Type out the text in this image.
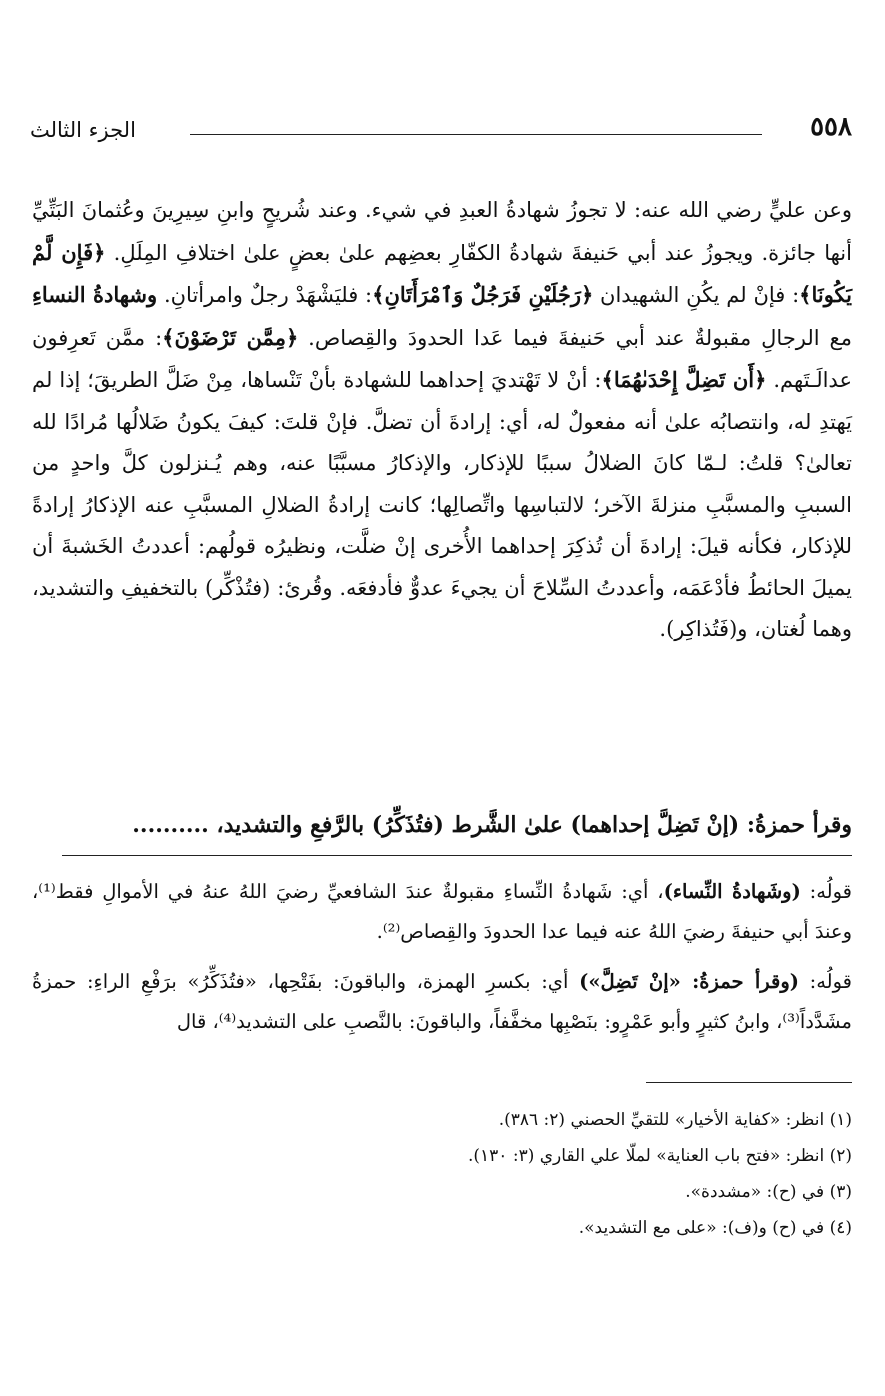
٥٥٨
الجزء الثالث

وعن عليٍّ رضي الله عنه: لا تجوزُ شهادةُ العبدِ في شيء. وعند شُريحٍ وابنِ سِيرِينَ وعُثمانَ البَتِّيِّ أنها جائزة. ويجوزُ عند أبي حَنيفةَ شهادةُ الكفّارِ بعضِهم علىٰ بعضٍ علىٰ اختلافِ المِلَلِ. ﴿فَإِن لَّمْ يَكُونَا﴾: فإنْ لم يكُنِ الشهيدان ﴿رَجُلَيْنِ فَرَجُلٌ وَٱمْرَأَتَانِ﴾: فليَشْهَدْ رجلٌ وامرأتانِ. وشهادةُ النساءِ مع الرجالِ مقبولةٌ عند أبي حَنيفةَ فيما عَدا الحدودَ والقِصاص. ﴿مِمَّن تَرْضَوْنَ﴾: ممَّن تَعرِفون عدالَـتَهم. ﴿أَن تَضِلَّ إِحْدَىٰهُمَا﴾: أنْ لا تَهْتديَ إحداهما للشهادة بأنْ تَنْساها، مِنْ ضَلَّ الطريقَ؛ إذا لم يَهتدِ له، وانتصابُه علىٰ أنه مفعولٌ له، أي: إرادةَ أن تضلَّ. فإنْ قلتَ: كيفَ يكونُ ضَلالُها مُرادًا لله تعالىٰ؟ قلتُ: لـمّا كانَ الضلالُ سببًا للإذكار، والإذكارُ مسبَّبًا عنه، وهم يُـنزلون كلَّ واحدٍ من السببِ والمسبَّبِ منزلةَ الآخر؛ لالتباسِها واتِّصالِها؛ كانت إرادةُ الضلالِ المسبَّبِ عنه الإذكارُ إرادةً للإذكار، فكأنه قيلَ: إرادةَ أن تُذكِرَ إحداهما الأُخرى إنْ ضلَّت، ونظيرُه قولُهم: أعددتُ الخَشبةَ أن يميلَ الحائطُ فأدْعَمَه، وأعددتُ السِّلاحَ أن يجيءَ عدوٌّ فأدفعَه. وقُرئ: (فتُذْكِّر) بالتخفيفِ والتشديد، وهما لُغتان، و(فَتُذاكِر).

وقرأ حمزةُ: (إنْ تَضِلَّ إحداهما) علىٰ الشَّرط (فتُذَكِّرُ) بالرَّفعِ والتشديد، ..........

قولُه: (وشَهادةُ النِّساء)، أي: شَهادةُ النِّساءِ مقبولةٌ عندَ الشافعيِّ رضيَ اللهُ عنهُ في الأموالِ فقط⁽¹⁾، وعندَ أبي حنيفةَ رضيَ اللهُ عنه فيما عدا الحدودَ والقِصاص⁽²⁾.

قولُه: (وقرأ حمزةُ: «إنْ تَضِلَّ») أي: بكسرِ الهمزة، والباقونَ: بفَتْحِها، «فتُذَكِّرُ» برَفْعِ الراءِ: حمزةُ مشَدَّداً⁽³⁾، وابنُ كثيرٍ وأبو عَمْرٍو: بنَصْبِها مخفَّفاً، والباقونَ: بالنَّصبِ على التشديد⁽⁴⁾، قال

(١) انظر: «كفاية الأخيار» للتقيِّ الحصني (٢: ٣٨٦).

(٢) انظر: «فتح باب العناية» لملّا علي القاري (٣: ١٣٠).

(٣) في (ح): «مشددة».

(٤) في (ح) و(ف): «على مع التشديد».
